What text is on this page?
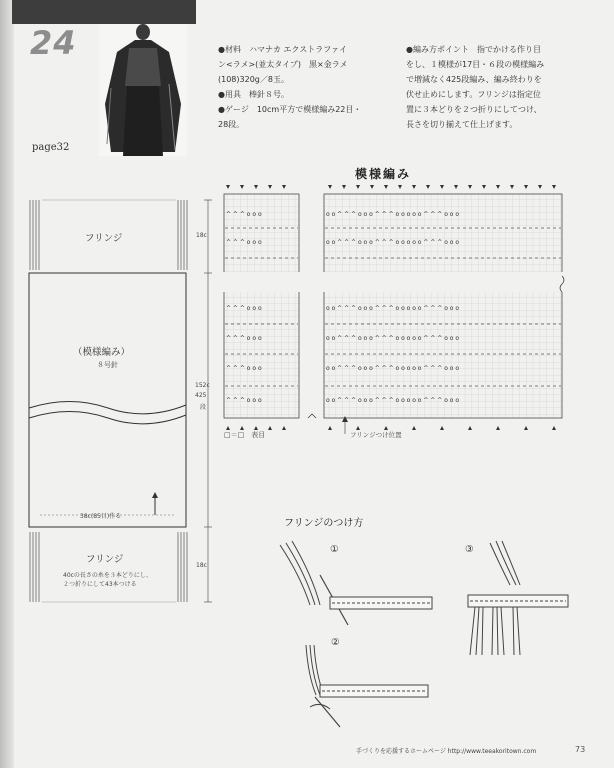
24
page32
●材料　ハマナカ エクストラファイ
ン<ラメ>(並太タイプ)　黒×金ラメ
(108)320g／8玉。
●用具　棒針８号。
●ゲージ　10cm平方で模様編み22目・
28段。
●編み方ポイント　指でかける作り目
をし、１模様が17目・６段の模様編み
で増減なく425段編み、編み終わりを
伏せ止めにします。フリンジは指定位
置に３本どりを２つ折りにしてつけ、
長さを切り揃えて仕上げます。
フリンジ
（模様編み）
８号針
38c(85目)作る
フリンジ
40cの長さの糸を３本どりにし、
２つ折りにして43本つける
18c
18c
152c
425
段
模様編み
^ ^ ^ o o o
^ ^ ^ o o o
o o ^ ^ ^ o o o ^ ^ ^ o o o o o ^ ^ ^ o o o
o o ^ ^ ^ o o o ^ ^ ^ o o o o o ^ ^ ^ o o o
^ ^ ^ o o o
^ ^ ^ o o o
^ ^ ^ o o o
^ ^ ^ o o o
o o ^ ^ ^ o o o ^ ^ ^ o o o o o ^ ^ ^ o o o
o o ^ ^ ^ o o o ^ ^ ^ o o o o o ^ ^ ^ o o o
o o ^ ^ ^ o o o ^ ^ ^ o o o o o ^ ^ ^ o o o
o o ^ ^ ^ o o o ^ ^ ^ o o o o o ^ ^ ^ o o o
□＝□　表目	フリンジつけ位置
フリンジのつけ方
①
②
③
手づくりを応援するホームページ http://www.teeakoritown.com	73
